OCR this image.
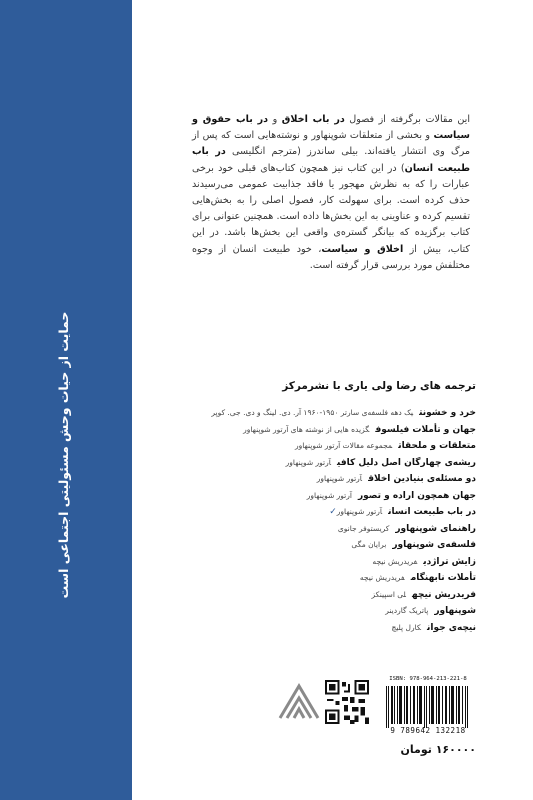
حمایت از حیات وحش مسئولیتی اجتماعی است
این مقالات برگرفته از فصول در باب اخلاق و در باب حقوق و سیاست و بخشی از متعلقات شوپنهاور و نوشته‌هایی است که پس از مرگ وی انتشار یافته‌اند. بیلی ساندرز (مترجم انگلیسی در باب طبیعت انسان) در این کتاب نیز همچون کتاب‌های قبلی خود برخی عبارات را که به نظرش مهجور یا فاقد جذابیت عمومی می‌رسیدند حذف کرده است. برای سهولت کار، فصول اصلی را به بخش‌هایی تقسیم کرده و عناوینی به این بخش‌ها داده است. همچنین عنوانی برای کتاب برگزیده که بیانگر گستره‌ی واقعی این بخش‌ها باشد. در این کتاب، بیش از اخلاق و سیاست، خود طبیعت انسان از وجوه مختلفش مورد بررسی قرار گرفته است.
ترجمه های رضا ولی یاری با نشرمرکز
خرد و خشونتیک دهه فلسفه‌ی سارتر ۱۹۵۰-۱۹۶۰ آر. دی. لینگ و دی. جی. کوپر
جهان و تأملات فیلسوفگزیده هایی از نوشته های آرتور شوپنهاور
متعلقات و ملحقاتمجموعه مقالات آرتور شوپنهاور
ریشه‌ی چهارگان اصل دلیل کافیآرتور شوپنهاور
دو مسئله‌ی بنیادین اخلاقآرتور شوپنهاور
جهان همچون اراده و تصورآرتور شوپنهاور
در باب طبیعت انسانآرتور شوپنهاور✓
راهنمای شوپنهاورکریستوفر جانوی
فلسفه‌ی شوپنهاوربرایان مگی
زایش تراژدیفریدریش نیچه
تأملات نابهنگامفریدریش نیچه
فریدریش نیچهلی اسپینکز
شوپنهاورپاتریک گاردینر
نیچه‌ی جوانکارل پلیچ
ISBN: 978-964-213-221-8
9 789642 132218
۱۶۰۰۰۰ تومان
